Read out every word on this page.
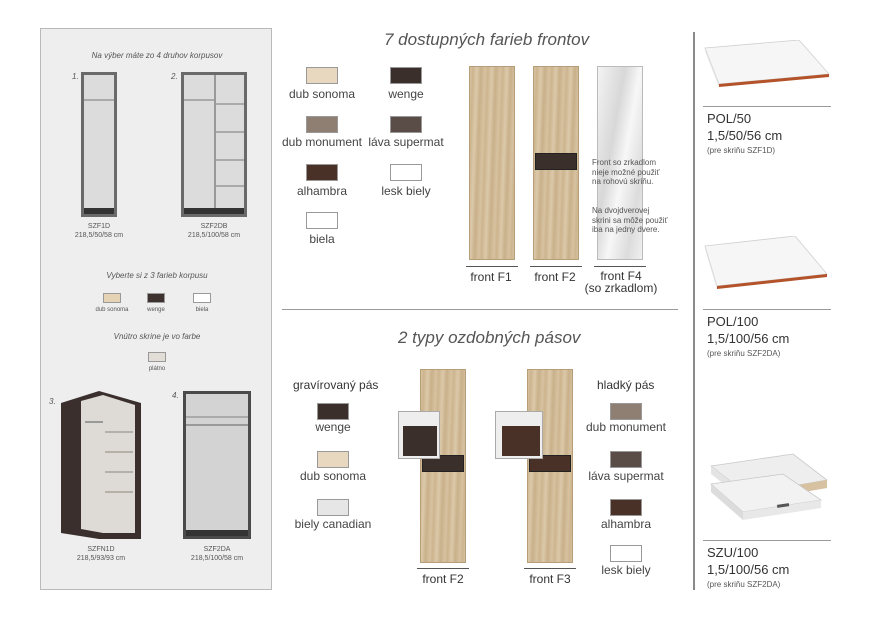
Na výber máte zo 4 druhov korpusov
1.
SZF1D
218,5/50/58 cm
2.
SZF2DB
218,5/100/58 cm
Vyberte si z 3 farieb korpusu
dub sonoma	wenge	biela
Vnútro skrine je vo farbe
plátno
3.
SZFN1D
218,5/93/93 cm
4.
SZF2DA
218,5/100/58 cm
7 dostupných farieb frontov
dub sonoma	wenge
dub monument láva supermat
alhambra	lesk biely
biela
front F1	front F2	front F4
(so zrkadlom)
Front so zrkadlom nieje možné použiť na rohovú skriňu.
Na dvojdverovej skrini sa môže použiť iba na jedny dvere.
2 typy ozdobných pásov
gravírovaný pás
wenge
dub sonoma
biely canadian
front F2	front F3
hladký pás
dub monument
láva supermat
alhambra
lesk biely
POL/50
1,5/50/56 cm
(pre skriňu SZF1D)
POL/100
1,5/100/56 cm
(pre skriňu SZF2DA)
SZU/100
1,5/100/56 cm
(pre skriňu SZF2DA)
